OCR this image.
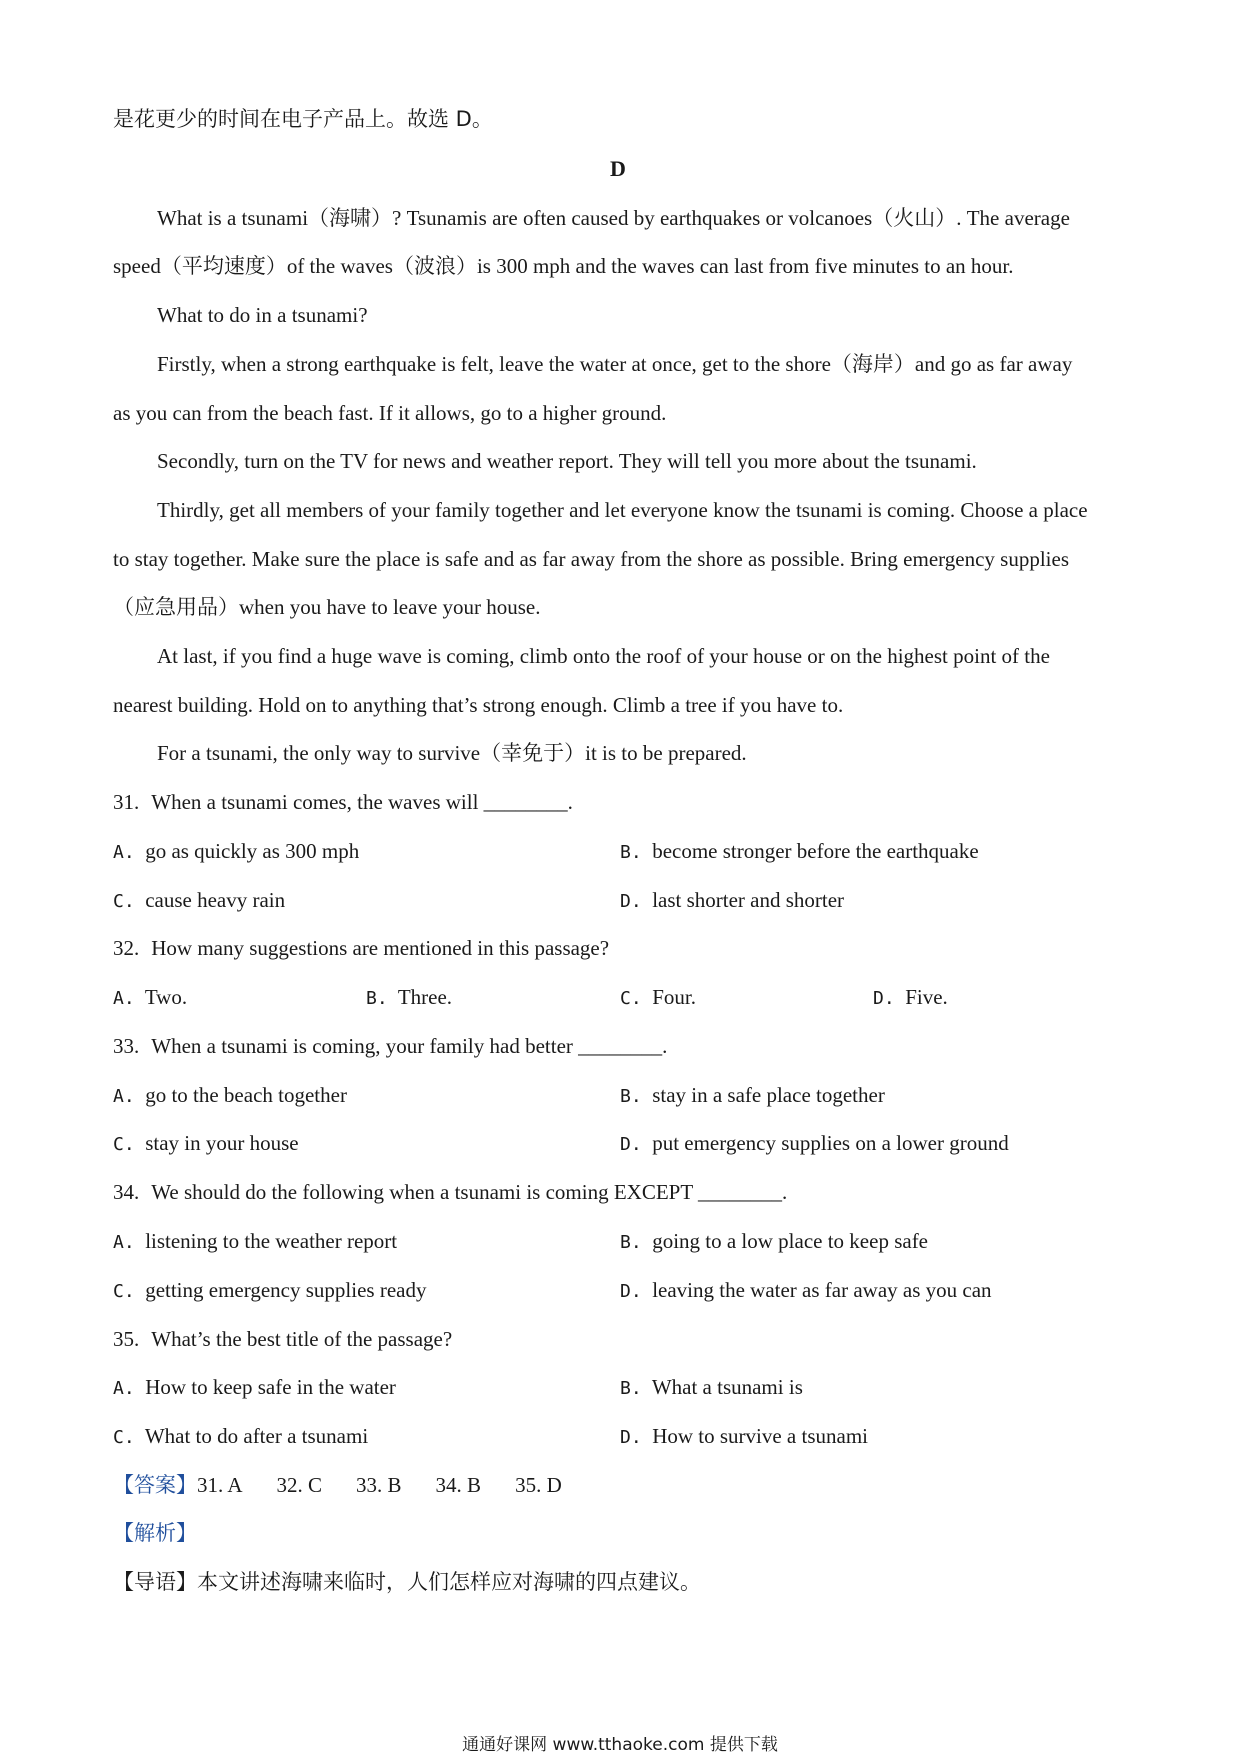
是花更少的时间在电子产品上。故选 D。
D
What is a tsunami（海啸）? Tsunamis are often caused by earthquakes or volcanoes（火山）. The average
speed（平均速度）of the waves（波浪）is 300 mph and the waves can last from five minutes to an hour.
What to do in a tsunami?
Firstly, when a strong earthquake is felt, leave the water at once, get to the shore（海岸）and go as far away
as you can from the beach fast. If it allows, go to a higher ground.
Secondly, turn on the TV for news and weather report. They will tell you more about the tsunami.
Thirdly, get all members of your family together and let everyone know the tsunami is coming. Choose a place
to stay together. Make sure the place is safe and as far away from the shore as possible. Bring emergency supplies
（应急用品）when you have to leave your house.
At last, if you find a huge wave is coming, climb onto the roof of your house or on the highest point of the
nearest building. Hold on to anything that’s strong enough. Climb a tree if you have to.
For a tsunami, the only way to survive（幸免于）it is to be prepared.
31. When a tsunami comes, the waves will ________.
A. go as quickly as 300 mph	B. become stronger before the earthquake
C. cause heavy rain	D. last shorter and shorter
32. How many suggestions are mentioned in this passage?
A. Two.	B. Three.	C. Four.	D. Five.
33. When a tsunami is coming, your family had better ________.
A. go to the beach together	B. stay in a safe place together
C. stay in your house	D. put emergency supplies on a lower ground
34. We should do the following when a tsunami is coming EXCEPT ________.
A. listening to the weather report	B. going to a low place to keep safe
C. getting emergency supplies ready	D. leaving the water as far away as you can
35. What’s the best title of the passage?
A. How to keep safe in the water	B. What a tsunami is
C. What to do after a tsunami	D. How to survive a tsunami
【答案】31. A 32. C 33. B 34. B 35. D
【解析】
【导语】本文讲述海啸来临时，人们怎样应对海啸的四点建议。
通通好课网 www.tthaoke.com 提供下载
